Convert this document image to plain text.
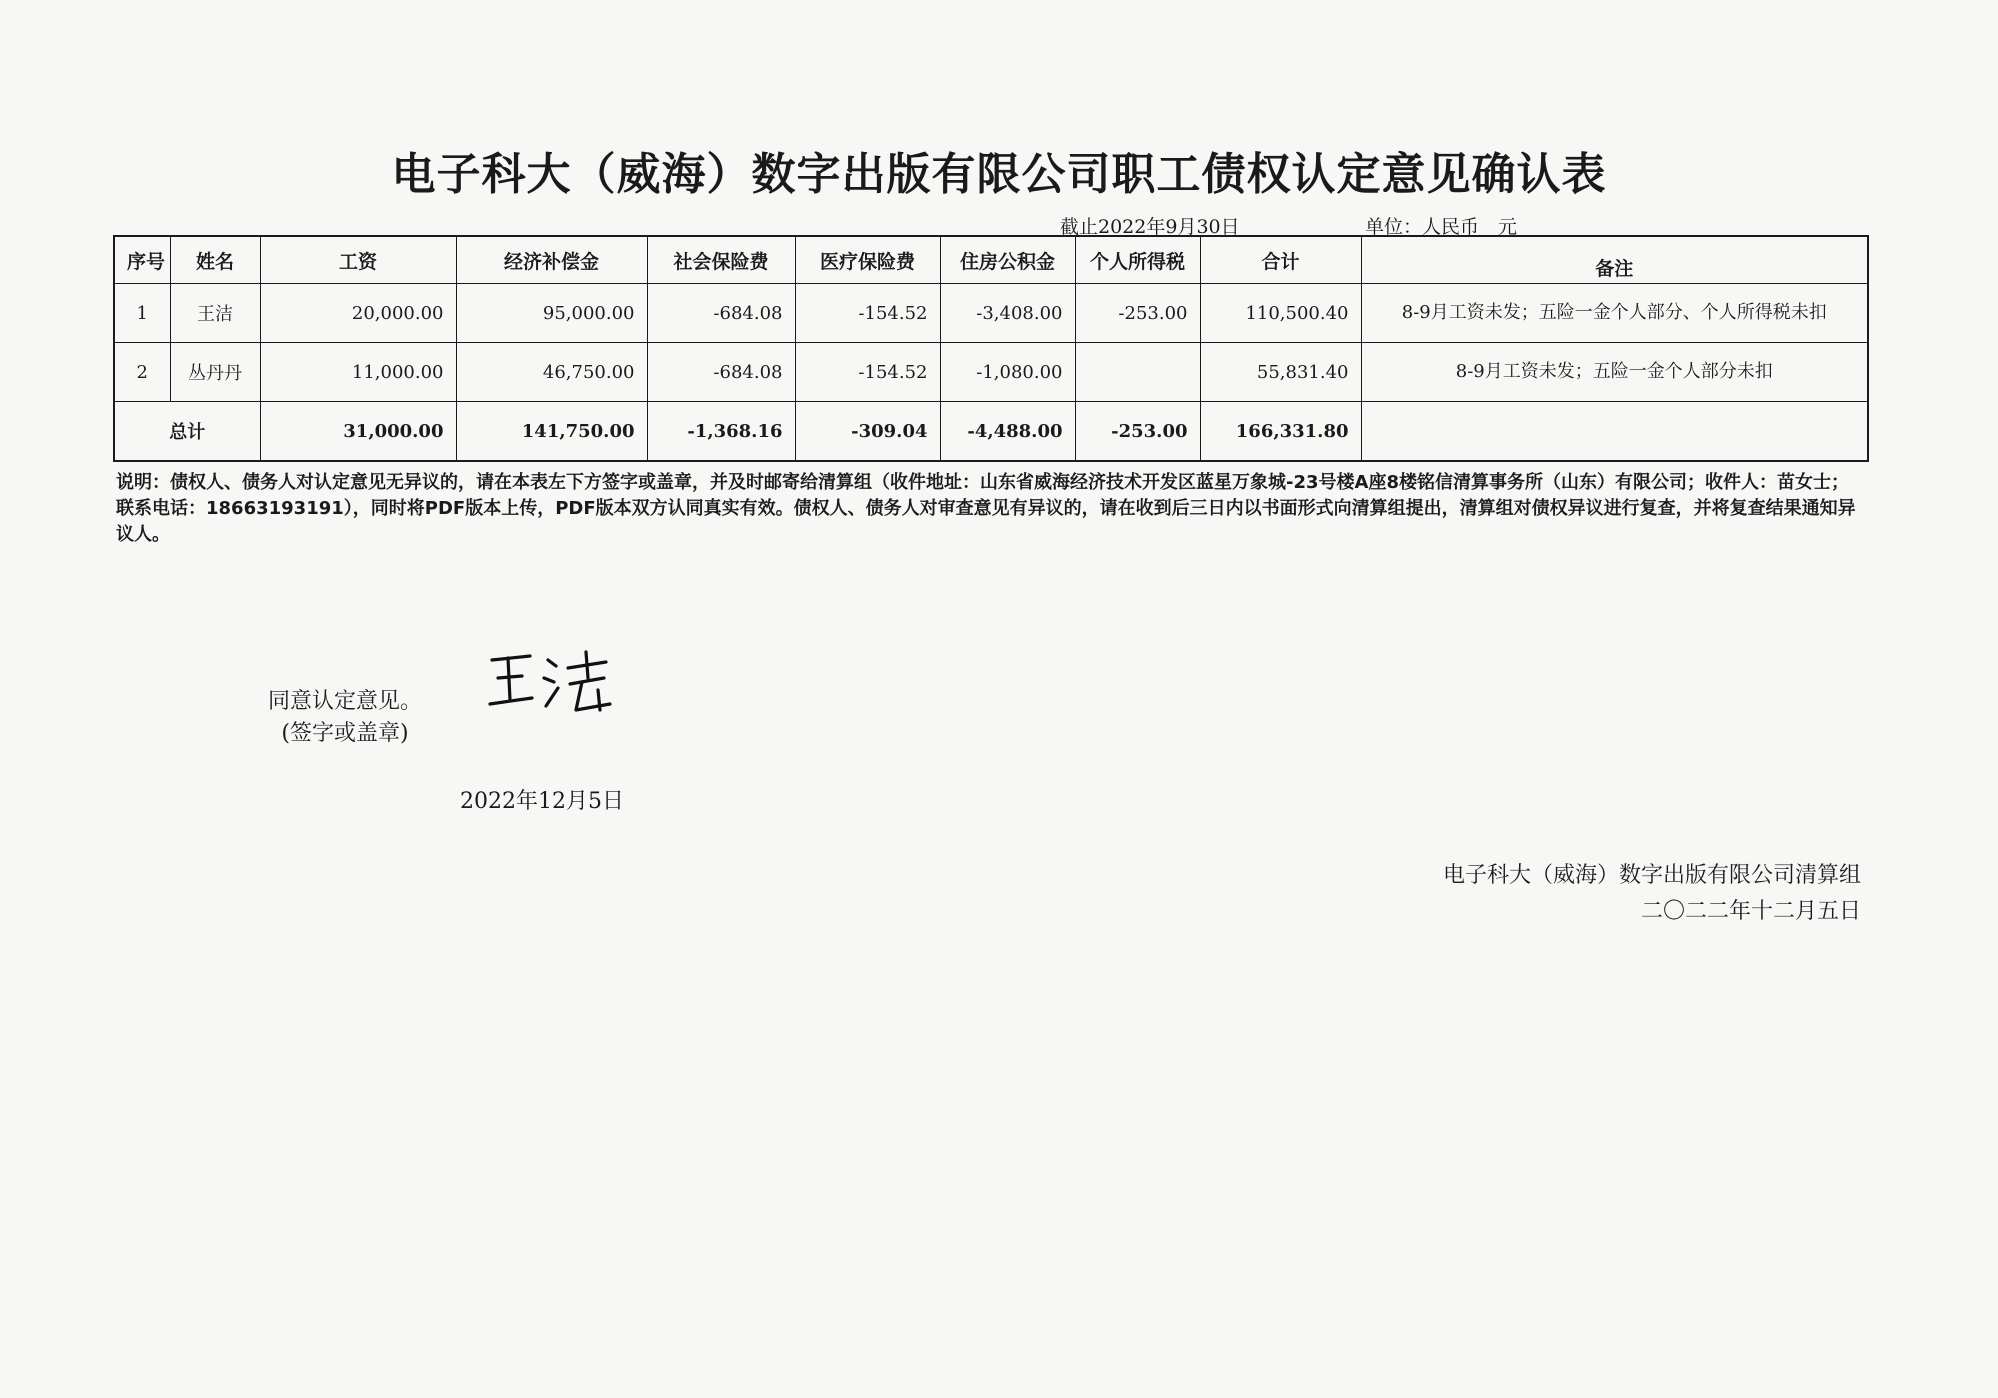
电子科大（威海）数字出版有限公司职工债权认定意见确认表
截止2022年9月30日	单位：人民币　元
序号	姓名	工资	经济补偿金	社会保险费	医疗保险费	住房公积金	个人所得税	合计	备注
1	王洁	20,000.00	95,000.00	-684.08	-154.52	-3,408.00	-253.00	110,500.40	8-9月工资未发；五险一金个人部分、个人所得税未扣
2	丛丹丹	11,000.00	46,750.00	-684.08	-154.52	-1,080.00		55,831.40	8-9月工资未发；五险一金个人部分未扣
总计		31,000.00	141,750.00	-1,368.16	-309.04	-4,488.00	-253.00	166,331.80	
说明：债权人、债务人对认定意见无异议的，请在本表左下方签字或盖章，并及时邮寄给清算组（收件地址：山东省威海经济技术开发区蓝星万象城-23号楼A座8楼铭信清算事务所（山东）有限公司；收件人：苗女士；联系电话：18663193191），同时将PDF版本上传，PDF版本双方认同真实有效。债权人、债务人对审查意见有异议的，请在收到后三日内以书面形式向清算组提出，清算组对债权异议进行复查，并将复查结果通知异议人。
同意认定意见。
(签字或盖章)
2022年12月5日
电子科大（威海）数字出版有限公司清算组
二〇二二年十二月五日
